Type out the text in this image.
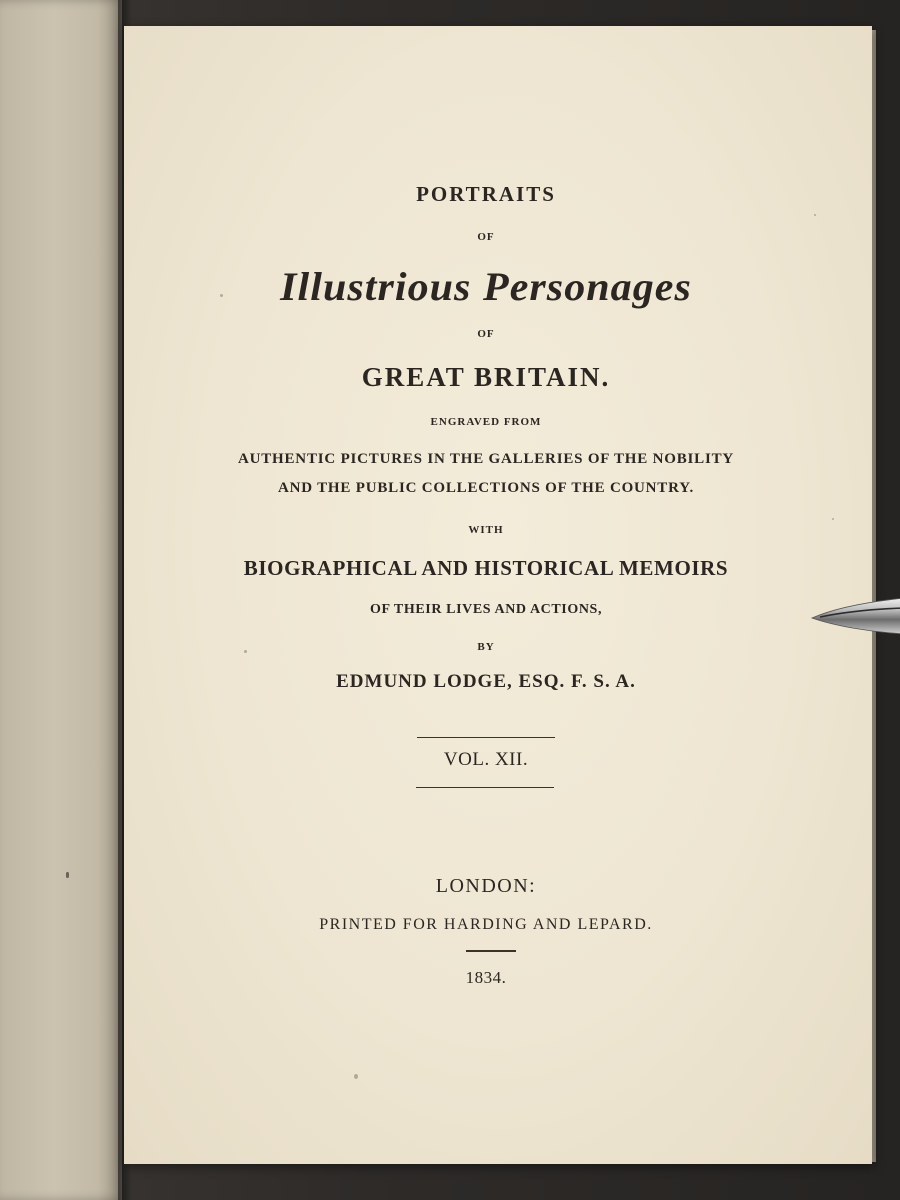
PORTRAITS
OF
Illustrious Personages
OF
GREAT BRITAIN.
ENGRAVED FROM
AUTHENTIC PICTURES IN THE GALLERIES OF THE NOBILITY
AND THE PUBLIC COLLECTIONS OF THE COUNTRY.
WITH
BIOGRAPHICAL AND HISTORICAL MEMOIRS
OF THEIR LIVES AND ACTIONS,
BY
EDMUND LODGE, ESQ. F. S. A.
VOL. XII.
LONDON:
PRINTED FOR HARDING AND LEPARD.
1834.
